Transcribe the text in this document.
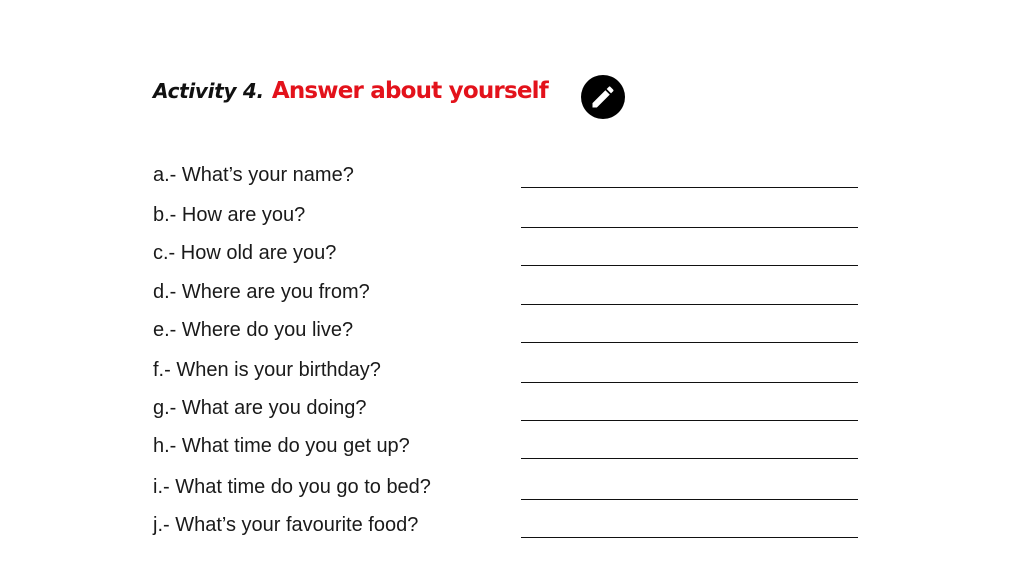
Activity 4. Answer about yourself
a.- What’s your name?
b.- How are you?
c.- How old are you?
d.- Where are you from?
e.- Where do you live?
f.- When is your birthday?
g.- What are you doing?
h.- What time do you get up?
i.- What time do you go to bed?
j.- What’s your favourite food?
